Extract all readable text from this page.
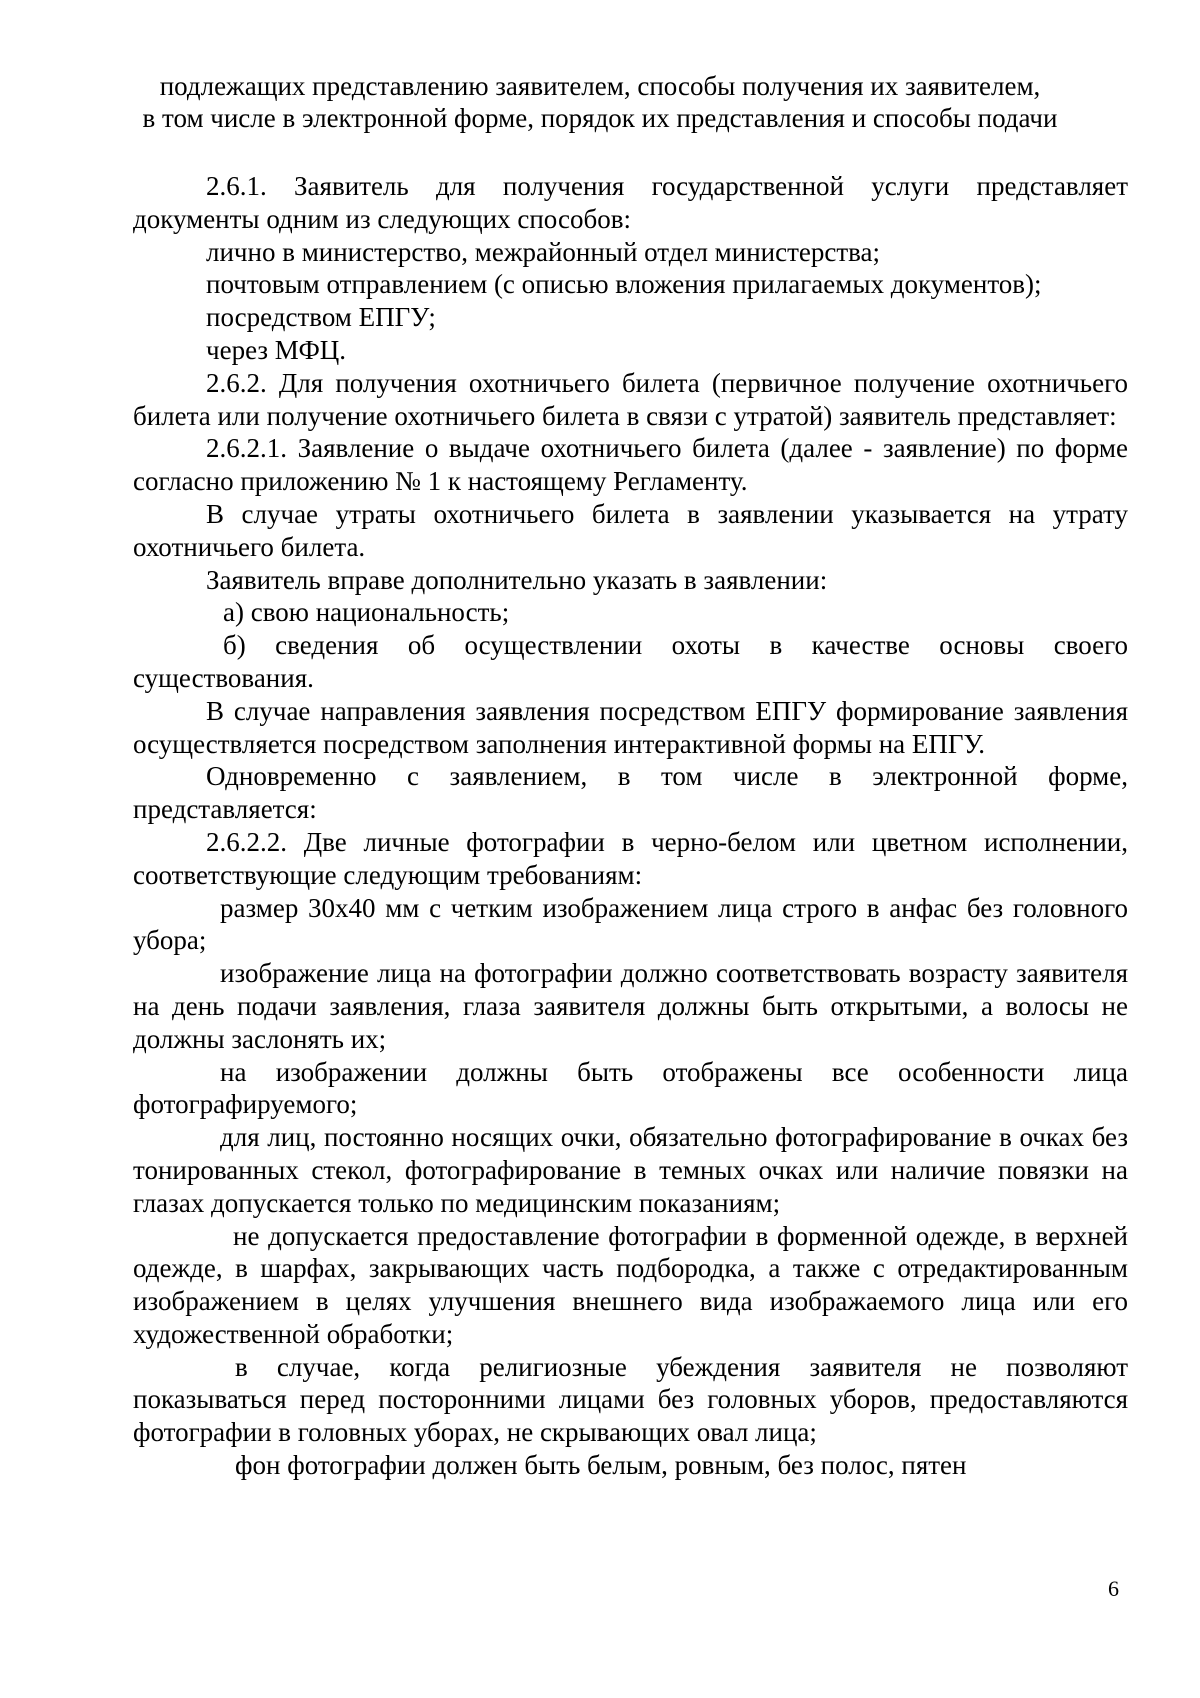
подлежащих представлению заявителем, способы получения их заявителем,
в том числе в электронной форме, порядок их представления и способы подачи

2.6.1. Заявитель для получения государственной услуги представляет документы одним из следующих способов:

лично в министерство, межрайонный отдел министерства;

почтовым отправлением (с описью вложения прилагаемых документов);

посредством ЕПГУ;

через МФЦ.

2.6.2. Для получения охотничьего билета (первичное получение охотничьего билета или получение охотничьего билета в связи с утратой) заявитель представляет:

2.6.2.1. Заявление о выдаче охотничьего билета (далее - заявление) по форме согласно приложению № 1 к настоящему Регламенту.

В случае утраты охотничьего билета в заявлении указывается на утрату охотничьего билета.

Заявитель вправе дополнительно указать в заявлении:

а) свою национальность;

б) сведения об осуществлении охоты в качестве основы своего существования.

В случае направления заявления посредством ЕПГУ формирование заявления осуществляется посредством заполнения интерактивной формы на ЕПГУ.

Одновременно с заявлением, в том числе в электронной форме, представляется:

2.6.2.2. Две личные фотографии в черно-белом или цветном исполнении, соответствующие следующим требованиям:

размер 30x40 мм с четким изображением лица строго в анфас без головного убора;

изображение лица на фотографии должно соответствовать возрасту заявителя на день подачи заявления, глаза заявителя должны быть открытыми, а волосы не должны заслонять их;

на изображении должны быть отображены все особенности лица фотографируемого;

для лиц, постоянно носящих очки, обязательно фотографирование в очках без тонированных стекол, фотографирование в темных очках или наличие повязки на глазах допускается только по медицинским показаниям;

не допускается предоставление фотографии в форменной одежде, в верхней одежде, в шарфах, закрывающих часть подбородка, а также с отредактированным изображением в целях улучшения внешнего вида изображаемого лица или его художественной обработки;

в случае, когда религиозные убеждения заявителя не позволяют показываться перед посторонними лицами без головных уборов, предоставляются фотографии в головных уборах, не скрывающих овал лица;

фон фотографии должен быть белым, ровным, без полос, пятен

6
